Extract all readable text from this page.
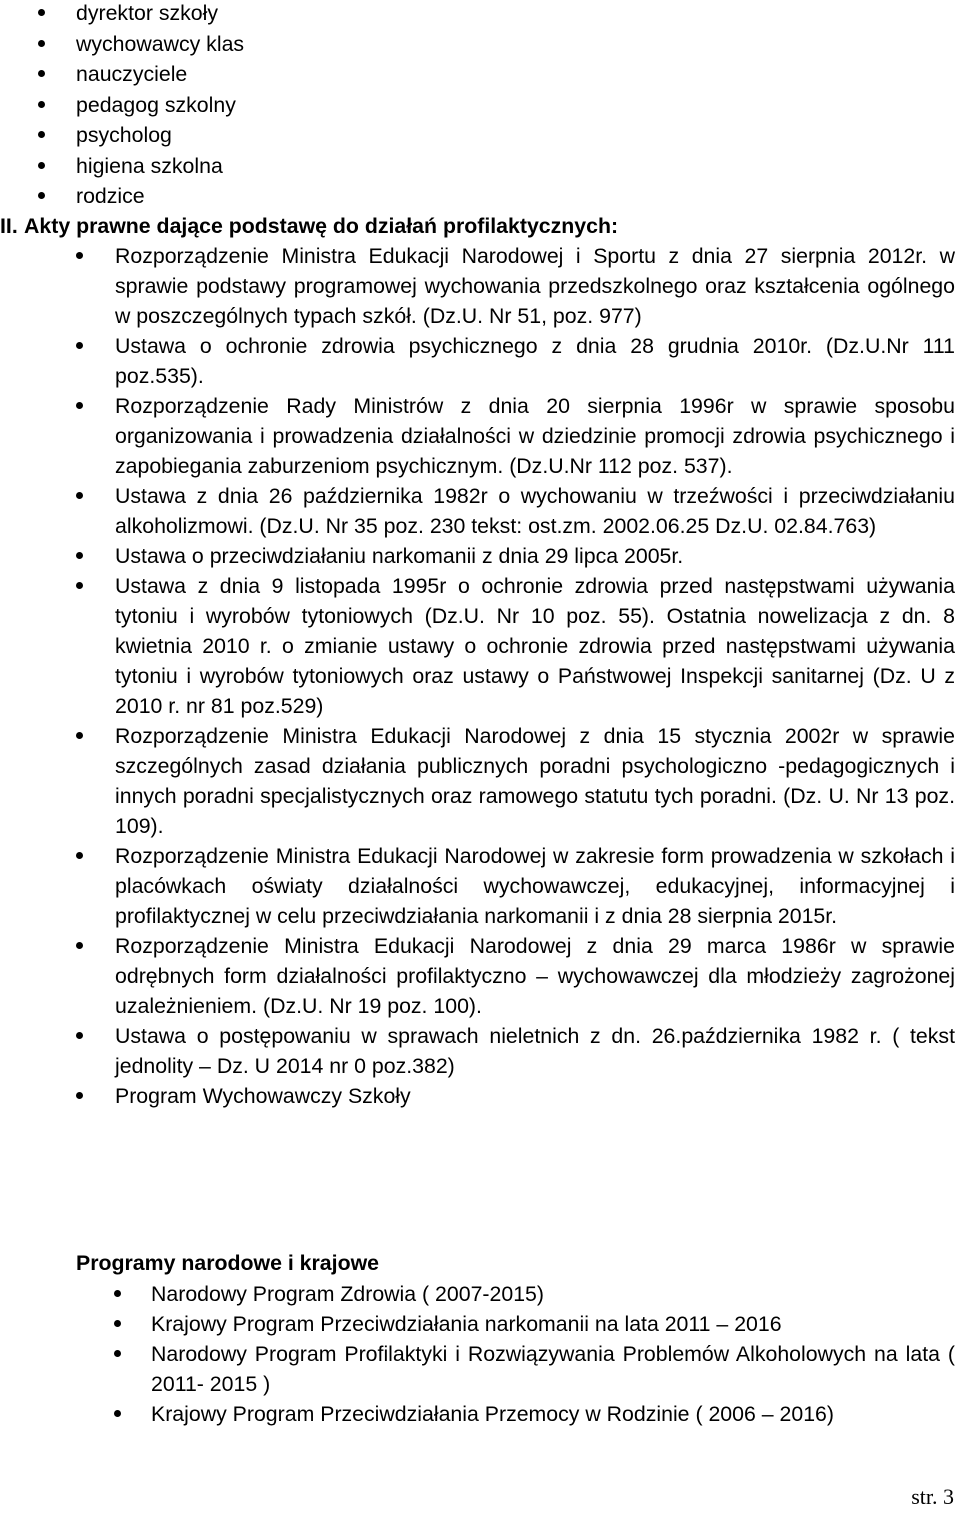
dyrektor szkoły
wychowawcy klas
nauczyciele
pedagog szkolny
psycholog
higiena szkolna
rodzice
II. Akty prawne dające podstawę do działań profilaktycznych:
Rozporządzenie Ministra Edukacji Narodowej i Sportu z dnia 27 sierpnia 2012r. w sprawie podstawy programowej wychowania przedszkolnego oraz kształcenia ogólnego w poszczególnych typach szkół. (Dz.U. Nr 51, poz. 977)
Ustawa o ochronie zdrowia psychicznego z dnia 28 grudnia 2010r. (Dz.U.Nr 111 poz.535).
Rozporządzenie Rady Ministrów z dnia 20 sierpnia 1996r w sprawie sposobu organizowania i prowadzenia działalności w dziedzinie promocji zdrowia psychicznego i zapobiegania zaburzeniom psychicznym. (Dz.U.Nr 112 poz. 537).
Ustawa z dnia 26 października 1982r o wychowaniu w trzeźwości i przeciwdziałaniu alkoholizmowi. (Dz.U. Nr 35 poz. 230 tekst: ost.zm. 2002.06.25 Dz.U. 02.84.763)
Ustawa o przeciwdziałaniu narkomanii z dnia 29 lipca 2005r.
Ustawa z dnia 9 listopada 1995r o ochronie zdrowia przed następstwami używania tytoniu i wyrobów tytoniowych (Dz.U. Nr 10 poz. 55). Ostatnia nowelizacja z dn. 8 kwietnia 2010 r. o zmianie ustawy o ochronie zdrowia przed następstwami używania tytoniu i wyrobów tytoniowych oraz ustawy o Państwowej Inspekcji sanitarnej (Dz. U z 2010 r. nr 81 poz.529)
Rozporządzenie Ministra Edukacji Narodowej z dnia 15 stycznia 2002r w sprawie szczególnych zasad działania publicznych poradni psychologiczno -pedagogicznych i innych poradni specjalistycznych oraz ramowego statutu tych poradni. (Dz. U. Nr 13 poz. 109).
Rozporządzenie Ministra Edukacji Narodowej w zakresie form prowadzenia w szkołach i placówkach oświaty działalności wychowawczej, edukacyjnej, informacyjnej i profilaktycznej w celu przeciwdziałania narkomanii i z dnia 28 sierpnia 2015r.
Rozporządzenie Ministra Edukacji Narodowej z dnia 29 marca 1986r w sprawie odrębnych form działalności profilaktyczno – wychowawczej dla młodzieży zagrożonej uzależnieniem. (Dz.U. Nr 19 poz. 100).
Ustawa o postępowaniu w sprawach nieletnich z dn. 26.października 1982 r. ( tekst jednolity – Dz. U 2014 nr 0 poz.382)
Program Wychowawczy Szkoły
Programy narodowe i krajowe
Narodowy Program Zdrowia ( 2007-2015)
Krajowy Program Przeciwdziałania narkomanii na lata 2011 – 2016
Narodowy Program Profilaktyki i Rozwiązywania Problemów Alkoholowych na lata ( 2011- 2015 )
Krajowy Program Przeciwdziałania Przemocy w Rodzinie ( 2006 – 2016)
str. 3
